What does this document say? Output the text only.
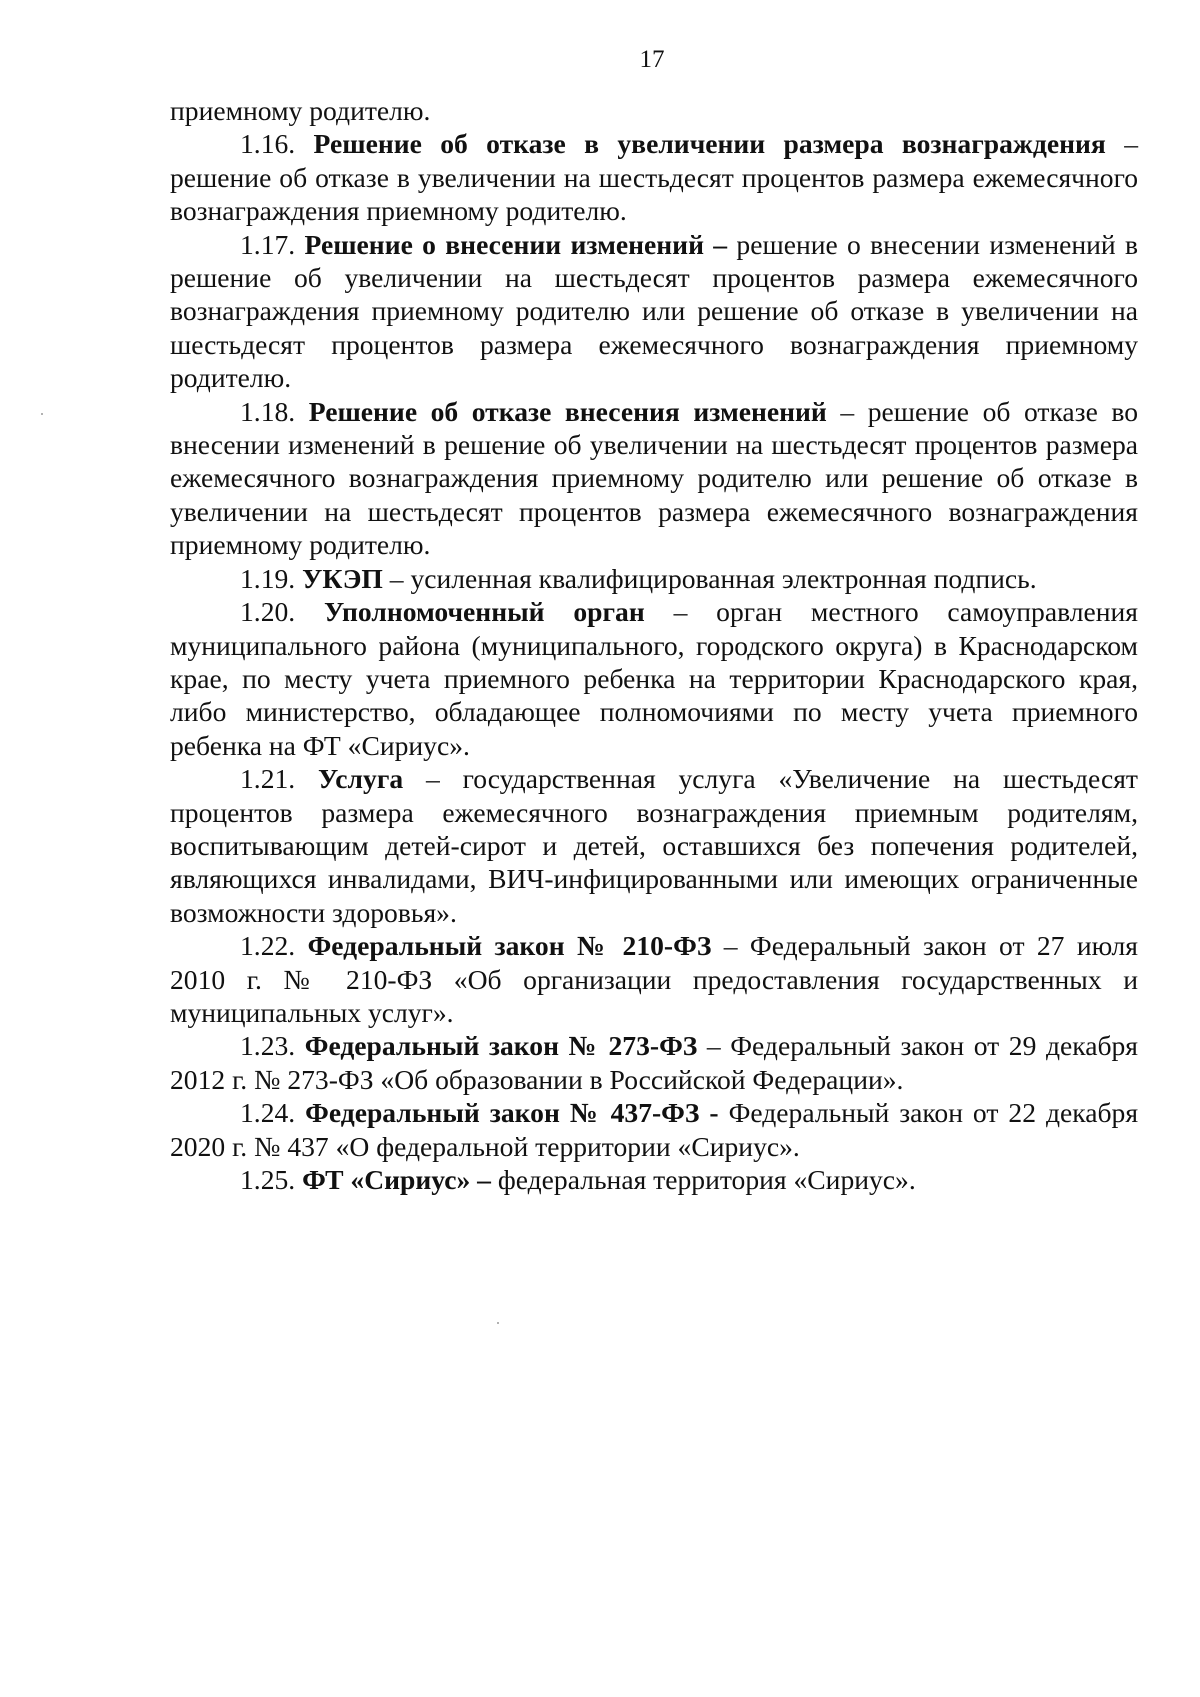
17

приемному родителю.

1.16. Решение об отказе в увеличении размера вознаграждения – решение об отказе в увеличении на шестьдесят процентов размера ежемесячного вознаграждения приемному родителю.

1.17. Решение о внесении изменений – решение о внесении изменений в решение об увеличении на шестьдесят процентов размера ежемесячного вознаграждения приемному родителю или решение об отказе в увеличении на шестьдесят процентов размера ежемесячного вознаграждения приемному родителю.

1.18. Решение об отказе внесения изменений – решение об отказе во внесении изменений в решение об увеличении на шестьдесят процентов размера ежемесячного вознаграждения приемному родителю или решение об отказе в увеличении на шестьдесят процентов размера ежемесячного вознаграждения приемному родителю.

1.19. УКЭП – усиленная квалифицированная электронная подпись.

1.20. Уполномоченный орган – орган местного самоуправления муниципального района (муниципального, городского округа) в Краснодарском крае, по месту учета приемного ребенка на территории Краснодарского края, либо министерство, обладающее полномочиями по месту учета приемного ребенка на ФТ «Сириус».

1.21. Услуга – государственная услуга «Увеличение на шестьдесят процентов размера ежемесячного вознаграждения приемным родителям, воспитывающим детей-сирот и детей, оставшихся без попечения родителей, являющихся инвалидами, ВИЧ-инфицированными или имеющих ограниченные возможности здоровья».

1.22. Федеральный закон № 210-ФЗ – Федеральный закон от 27 июля 2010 г. № 210-ФЗ «Об организации предоставления государственных и муниципальных услуг».

1.23. Федеральный закон № 273-ФЗ – Федеральный закон от 29 декабря 2012 г. № 273-ФЗ «Об образовании в Российской Федерации».

1.24. Федеральный закон № 437-ФЗ - Федеральный закон от 22 декабря 2020 г. № 437 «О федеральной территории «Сириус».

1.25. ФТ «Сириус» – федеральная территория «Сириус».
